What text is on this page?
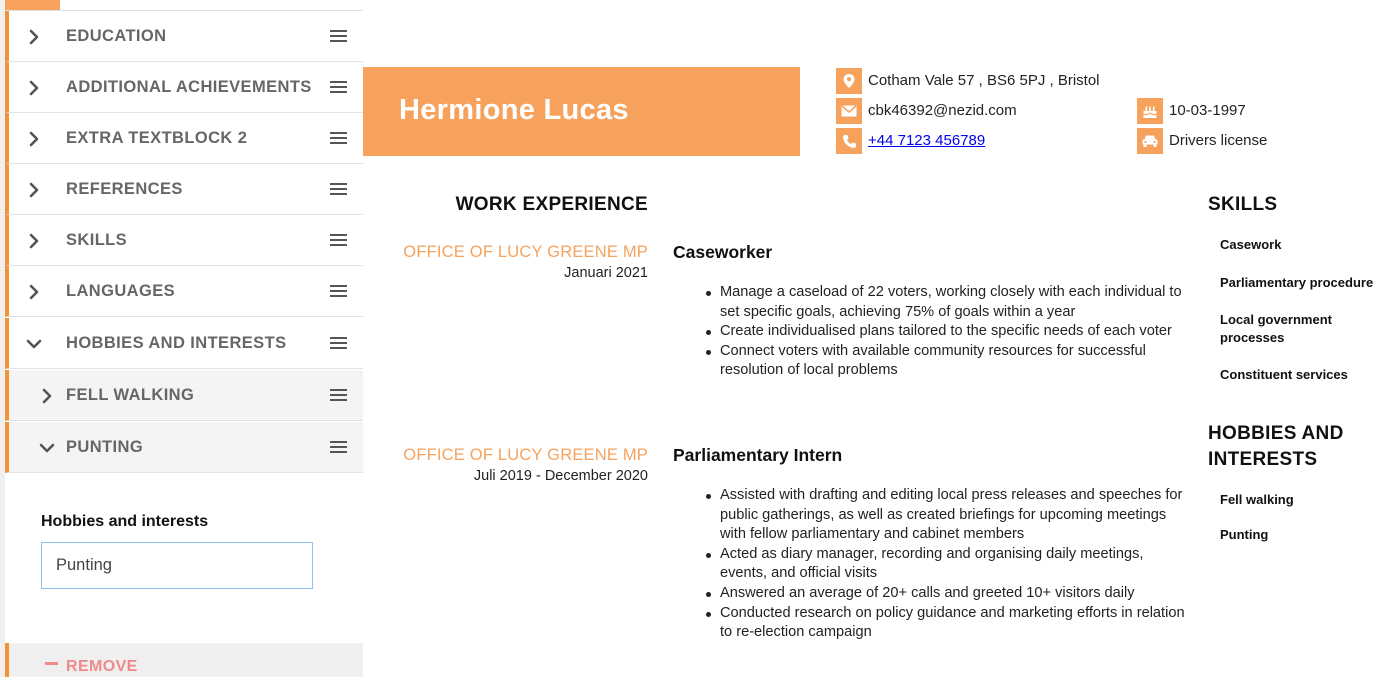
EDUCATION
ADDITIONAL ACHIEVEMENTS
EXTRA TEXTBLOCK 2
REFERENCES
SKILLS
LANGUAGES
HOBBIES AND INTERESTS
FELL WALKING
PUNTING
Hobbies and interests
Punting
REMOVE
Hermione Lucas
Cotham Vale 57 , BS6 5PJ , Bristol
cbk46392@nezid.com
+44 7123 456789
10-03-1997
Drivers license
WORK EXPERIENCE
OFFICE OF LUCY GREENE MP
Januari 2021
Caseworker
Manage a caseload of 22 voters, working closely with each individual to set specific goals, achieving 75% of goals within a year
Create individualised plans tailored to the specific needs of each voter
Connect voters with available community resources for successful resolution of local problems
OFFICE OF LUCY GREENE MP
Juli 2019 - December 2020
Parliamentary Intern
Assisted with drafting and editing local press releases and speeches for public gatherings, as well as created briefings for upcoming meetings with fellow parliamentary and cabinet members
Acted as diary manager, recording and organising daily meetings, events, and official visits
Answered an average of 20+ calls and greeted 10+ visitors daily
Conducted research on policy guidance and marketing efforts in relation to re-election campaign
SKILLS
Casework
Parliamentary procedure
Local government processes
Constituent services
HOBBIES AND INTERESTS
Fell walking
Punting
